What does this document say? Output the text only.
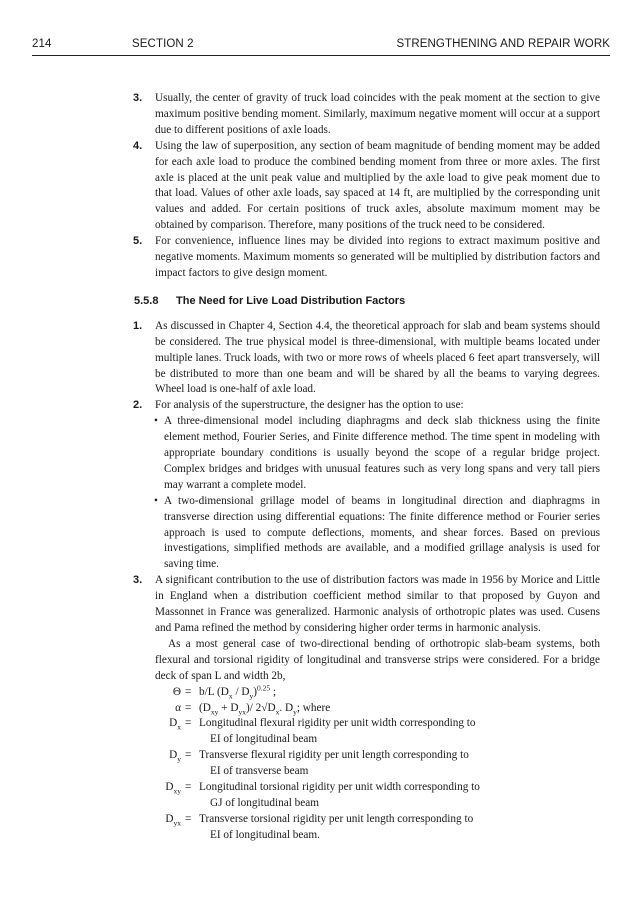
214	SECTION 2	STRENGTHENING AND REPAIR WORK
3. Usually, the center of gravity of truck load coincides with the peak moment at the section to give maximum positive bending moment. Similarly, maximum negative moment will occur at a support due to different positions of axle loads.
4. Using the law of superposition, any section of beam magnitude of bending moment may be added for each axle load to produce the combined bending moment from three or more axles. The first axle is placed at the unit peak value and multiplied by the axle load to give peak moment due to that load. Values of other axle loads, say spaced at 14 ft, are multiplied by the corresponding unit values and added. For certain positions of truck axles, absolute maximum moment may be obtained by comparison. Therefore, many positions of the truck need to be considered.
5. For convenience, influence lines may be divided into regions to extract maximum positive and negative moments. Maximum moments so generated will be multiplied by distribution factors and impact factors to give design moment.
5.5.8 The Need for Live Load Distribution Factors
1. As discussed in Chapter 4, Section 4.4, the theoretical approach for slab and beam systems should be considered. The true physical model is three-dimensional, with multiple beams located under multiple lanes. Truck loads, with two or more rows of wheels placed 6 feet apart transversely, will be distributed to more than one beam and will be shared by all the beams to varying degrees. Wheel load is one-half of axle load.
2. For analysis of the superstructure, the designer has the option to use:
• A three-dimensional model including diaphragms and deck slab thickness using the finite element method, Fourier Series, and Finite difference method. The time spent in modeling with appropriate boundary conditions is usually beyond the scope of a regular bridge project. Complex bridges and bridges with unusual features such as very long spans and very tall piers may warrant a complete model.
• A two-dimensional grillage model of beams in longitudinal direction and diaphragms in transverse direction using differential equations: The finite difference method or Fourier series approach is used to compute deflections, moments, and shear forces. Based on previous investigations, simplified methods are available, and a modified grillage analysis is used for saving time.
3. A significant contribution to the use of distribution factors was made in 1956 by Morice and Little in England when a distribution coefficient method similar to that proposed by Guyon and Massonnet in France was generalized. Harmonic analysis of orthotropic plates was used. Cusens and Pama refined the method by considering higher order terms in harmonic analysis.
As a most general case of two-directional bending of orthotropic slab-beam systems, both flexural and torsional rigidity of longitudinal and transverse strips were considered. For a bridge deck of span L and width 2b,
Θ = b/L $(D_x / D_y)^{0.25}$ ;
$\alpha = (D_{xy} + D_{yx})/$ $2√D_x$. $D_y$; where
$D_x$ = Longitudinal flexural rigidity per unit width corresponding to
EI of longitudinal beam
$D_y$ = Transverse flexural rigidity per unit length corresponding to
EI of transverse beam
$D_{xy}$ = Longitudinal torsional rigidity per unit width corresponding to
GJ of longitudinal beam
$D_{yx}$ = Transverse torsional rigidity per unit length corresponding to
EI of longitudinal beam.
